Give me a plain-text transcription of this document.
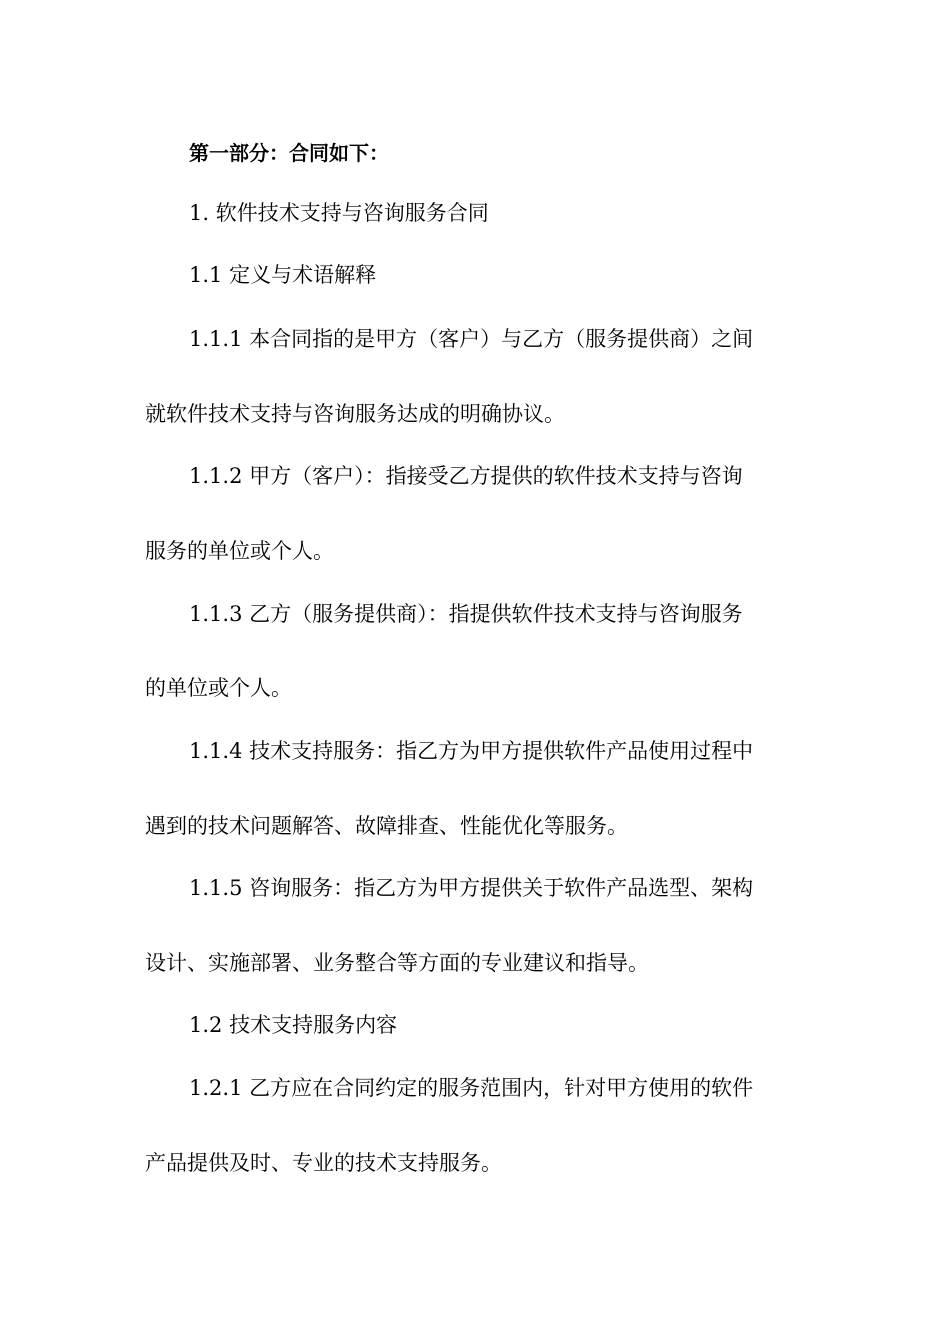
第一部分：合同如下：

1. 软件技术支持与咨询服务合同

1.1 定义与术语解释

1.1.1 本合同指的是甲方（客户）与乙方（服务提供商）之间

就软件技术支持与咨询服务达成的明确协议。

1.1.2 甲方（客户）：指接受乙方提供的软件技术支持与咨询

服务的单位或个人。

1.1.3 乙方（服务提供商）：指提供软件技术支持与咨询服务

的单位或个人。

1.1.4 技术支持服务：指乙方为甲方提供软件产品使用过程中

遇到的技术问题解答、故障排查、性能优化等服务。

1.1.5 咨询服务：指乙方为甲方提供关于软件产品选型、架构

设计、实施部署、业务整合等方面的专业建议和指导。

1.2 技术支持服务内容

1.2.1 乙方应在合同约定的服务范围内，针对甲方使用的软件

产品提供及时、专业的技术支持服务。
